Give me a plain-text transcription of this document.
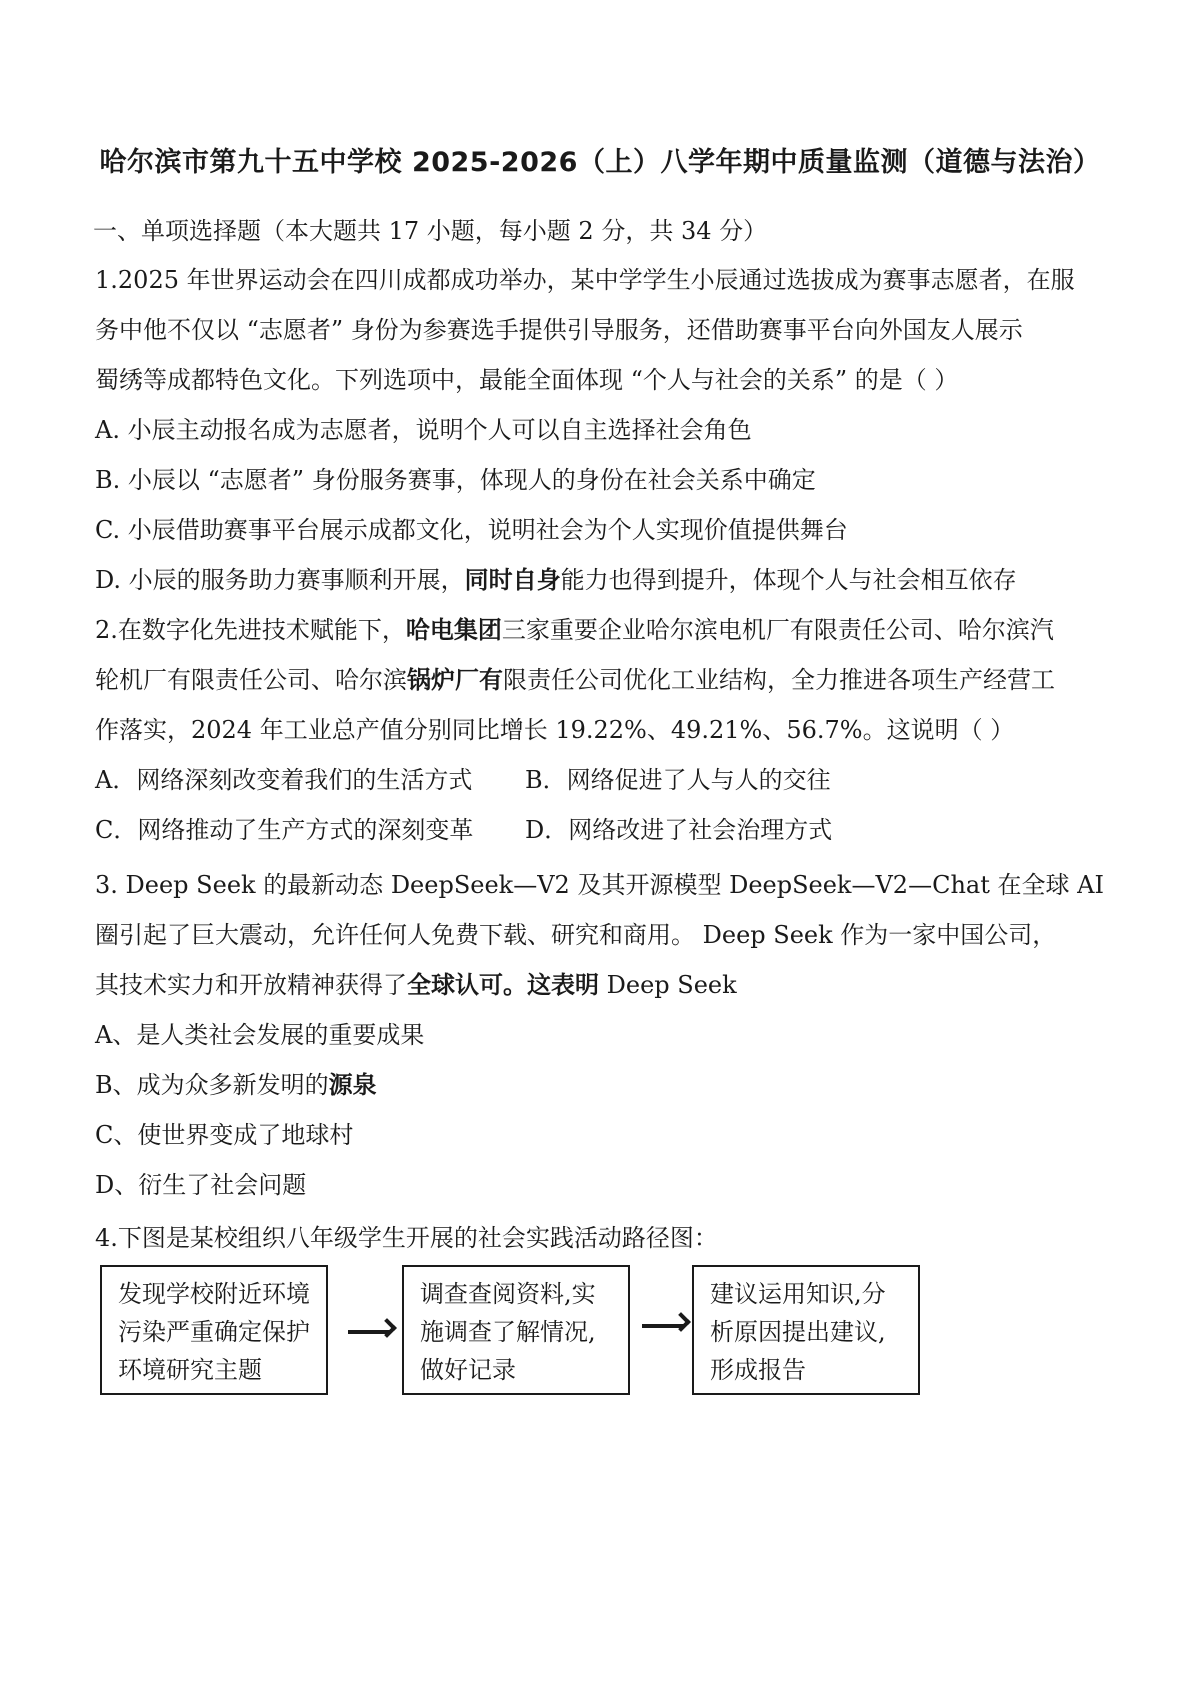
哈尔滨市第九十五中学校 2025-2026（上）八学年期中质量监测（道德与法治）
一、单项选择题（本大题共 17 小题，每小题 2 分，共 34 分）
1.2025 年世界运动会在四川成都成功举办，某中学学生小辰通过选拔成为赛事志愿者，在服
务中他不仅以 “志愿者” 身份为参赛选手提供引导服务，还借助赛事平台向外国友人展示
蜀绣等成都特色文化。下列选项中，最能全面体现 “个人与社会的关系” 的是（ ）
A. 小辰主动报名成为志愿者，说明个人可以自主选择社会角色
B. 小辰以 “志愿者” 身份服务赛事，体现人的身份在社会关系中确定
C. 小辰借助赛事平台展示成都文化，说明社会为个人实现价值提供舞台
D. 小辰的服务助力赛事顺利开展，同时自身能力也得到提升，体现个人与社会相互依存
2.在数字化先进技术赋能下，哈电集团三家重要企业哈尔滨电机厂有限责任公司、哈尔滨汽
轮机厂有限责任公司、哈尔滨锅炉厂有限责任公司优化工业结构，全力推进各项生产经营工
作落实，2024 年工业总产值分别同比增长 19.22%、49.21%、56.7%。这说明（ ）
A．网络深刻改变着我们的生活方式 B．网络促进了人与人的交往
C．网络推动了生产方式的深刻变革 D．网络改进了社会治理方式
3. Deep Seek 的最新动态 DeepSeek—V2 及其开源模型 DeepSeek—V2—Chat 在全球 AI
圈引起了巨大震动，允许任何人免费下载、研究和商用。 Deep Seek 作为一家中国公司，
其技术实力和开放精神获得了全球认可。这表明 Deep Seek
A、是人类社会发展的重要成果
B、成为众多新发明的源泉
C、使世界变成了地球村
D、衍生了社会问题
4.下图是某校组织八年级学生开展的社会实践活动路径图：
发现学校附近环境污染严重确定保护环境研究主题
调查查阅资料,实施调查了解情况,做好记录
建议运用知识,分析原因提出建议,形成报告
